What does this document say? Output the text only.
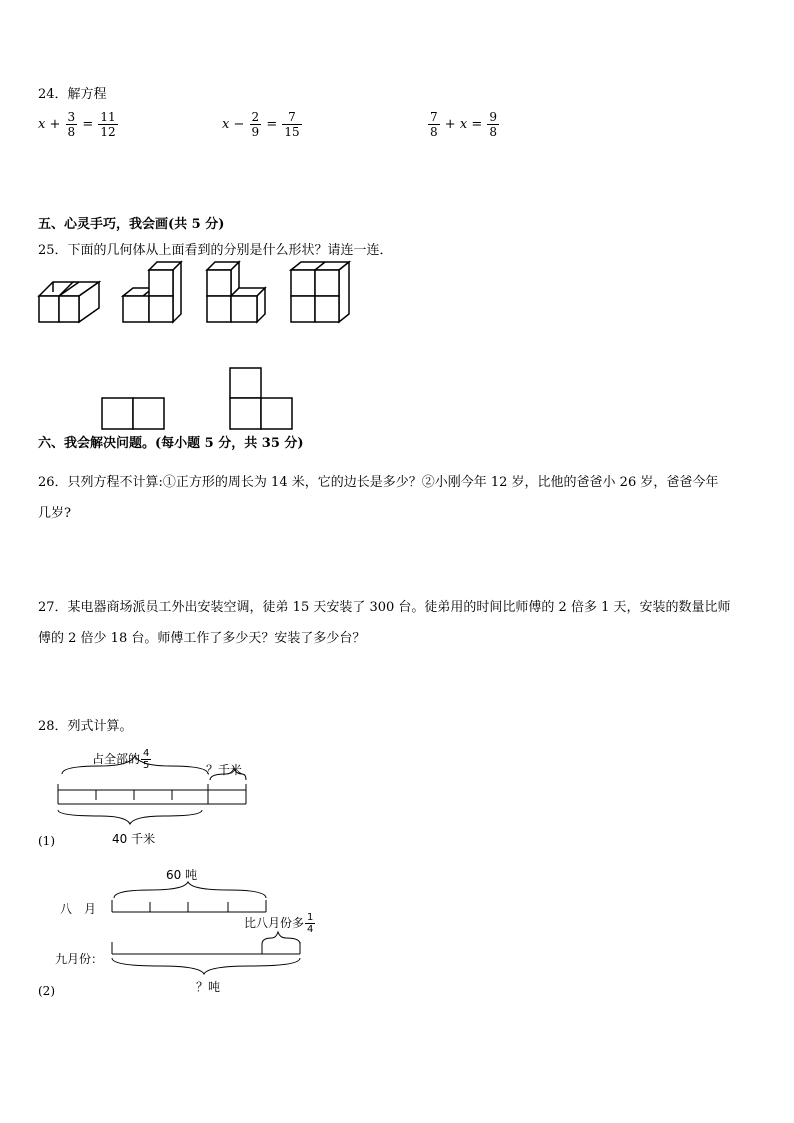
24．解方程
$x + \frac{3}{8} = \frac{11}{12}$	$x - \frac{2}{9} = \frac{7}{15}$	$\frac{7}{8} + x = \frac{9}{8}$
五、心灵手巧，我会画(共 5 分)
25．下面的几何体从上面看到的分别是什么形状？请连一连．
六、我会解决问题。(每小题 5 分，共 35 分)
26．只列方程不计算:①正方形的周长为 14 米，它的边长是多少？②小刚今年 12 岁，比他的爸爸小 26 岁，爸爸今年
几岁?
27．某电器商场派员工外出安装空调，徒弟 15 天安装了 300 台。徒弟用的时间比师傅的 2 倍多 1 天，安装的数量比师
傅的 2 倍少 18 台。师傅工作了多少天？安装了多少台？
28．列式计算。
占全部的 $\frac{4}{5}$	？千米
40 千米
(1)
60 吨
八　月
比八月份多 $\frac{1}{4}$
九月份：
？吨
(2)
